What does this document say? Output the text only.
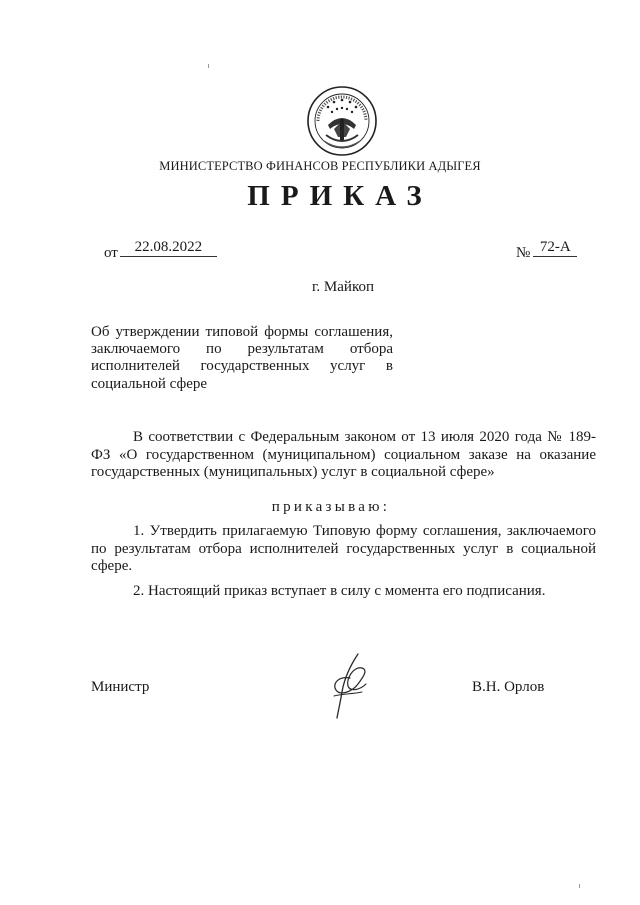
МИНИСТЕРСТВО ФИНАНСОВ РЕСПУБЛИКИ АДЫГЕЯ
ПРИКАЗ
от	22.08.2022	№ 72-А
г. Майкоп
Об утверждении типовой формы соглашения,
заключаемого по результатам отбора
исполнителей государственных услуг в
социальной сфере
В соответствии с Федеральным законом от 13 июля 2020 года № 189-
ФЗ «О государственном (муниципальном) социальном заказе на оказание
государственных (муниципальных) услуг в социальной сфере»
приказываю:
1. Утвердить прилагаемую Типовую форму соглашения, заключаемого
по результатам отбора исполнителей государственных услуг в социальной
сфере.
2. Настоящий приказ вступает в силу с момента его подписания.
Министр	В.Н. Орлов
